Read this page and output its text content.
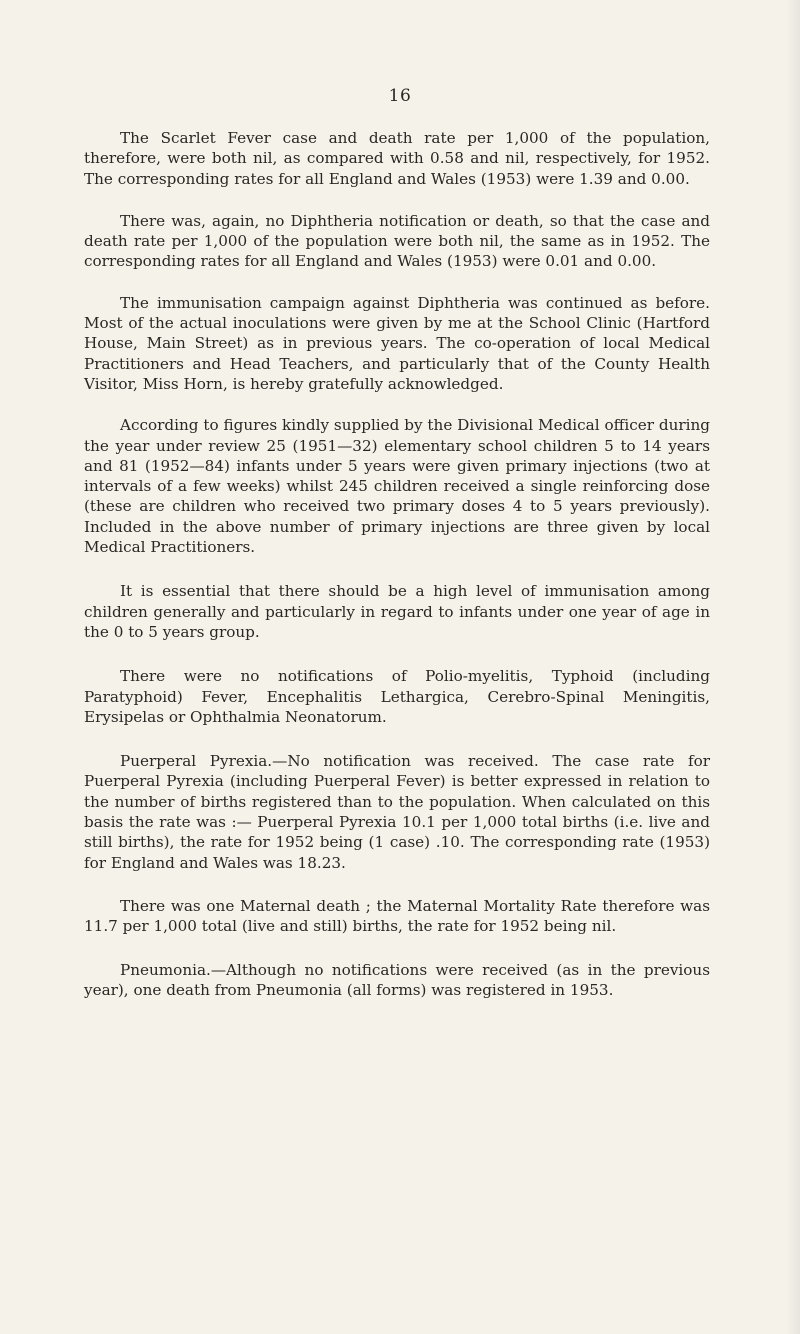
16

The Scarlet Fever case and death rate per 1,000 of the population, therefore, were both nil, as compared with 0.58 and nil, respectively, for 1952. The corresponding rates for all England and Wales (1953) were 1.39 and 0.00.

There was, again, no Diphtheria notification or death, so that the case and death rate per 1,000 of the population were both nil, the same as in 1952. The corresponding rates for all England and Wales (1953) were 0.01 and 0.00.

The immunisation campaign against Diphtheria was continued as before. Most of the actual inoculations were given by me at the School Clinic (Hartford House, Main Street) as in previous years. The co-operation of local Medical Practitioners and Head Teachers, and particularly that of the County Health Visitor, Miss Horn, is hereby gratefully acknowledged.

According to figures kindly supplied by the Divisional Medical officer during the year under review 25 (1951—32) elementary school children 5 to 14 years and 81 (1952—84) infants under 5 years were given primary injections (two at intervals of a few weeks) whilst 245 children received a single reinforcing dose (these are children who received two primary doses 4 to 5 years previously). Included in the above number of primary injections are three given by local Medical Practitioners.

It is essential that there should be a high level of immunisation among children generally and particularly in regard to infants under one year of age in the 0 to 5 years group.

There were no notifications of Polio-myelitis, Typhoid (including Paratyphoid) Fever, Encephalitis Lethargica, Cerebro-Spinal Meningitis, Erysipelas or Ophthalmia Neonatorum.

Puerperal Pyrexia.—No notification was received. The case rate for Puerperal Pyrexia (including Puerperal Fever) is better expressed in relation to the number of births registered than to the population. When calculated on this basis the rate was :— Puerperal Pyrexia 10.1 per 1,000 total births (i.e. live and still births), the rate for 1952 being (1 case) .10. The corresponding rate (1953) for England and Wales was 18.23.

There was one Maternal death ; the Maternal Mortality Rate therefore was 11.7 per 1,000 total (live and still) births, the rate for 1952 being nil.

Pneumonia.—Although no notifications were received (as in the previous year), one death from Pneumonia (all forms) was registered in 1953.
